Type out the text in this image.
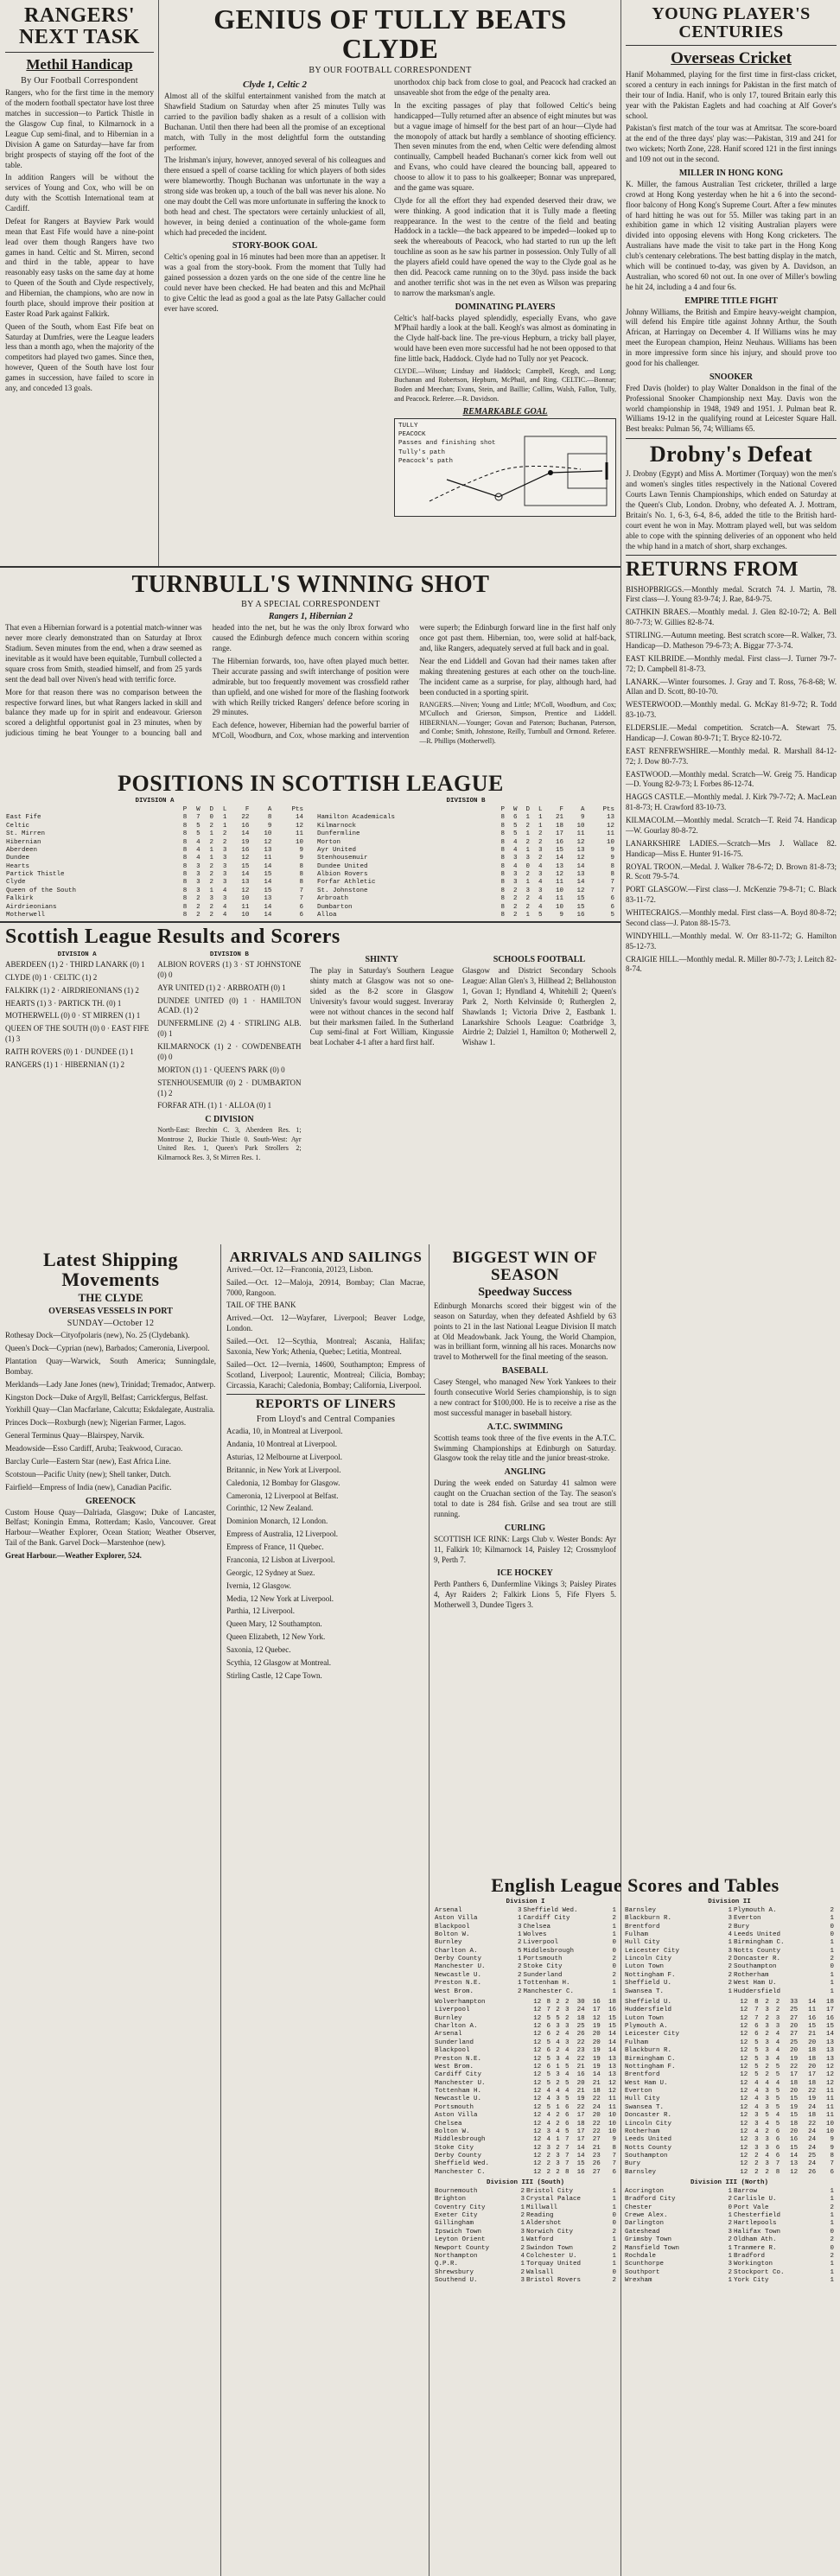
RANGERS' NEXT TASK
Methil Handicap
By Our Football Correspondent

Rangers, who for the first time in the memory of the modern football spectator have lost three matches in succession—to Partick Thistle in the Glasgow Cup final, to Kilmarnock in a League Cup semi-final, and to Hibernian in a Division A game on Saturday—have far from bright prospects of staying off the foot of the table.

In addition Rangers will be without the services of Young and Cox, who will be on duty with the Scottish International team at Cardiff.

Defeat for Rangers at Bayview Park would mean that East Fife would have a nine-point lead over them though Rangers have two games in hand. Celtic and St. Mirren, second and third in the table, appear to have reasonably easy tasks on the same day at home to Queen of the South and Clyde respectively, and Hibernian, the champions, who are now in fourth place, should improve their position at Easter Road Park against Falkirk.

Queen of the South, whom East Fife beat on Saturday at Dumfries, were the League leaders less than a month ago, when the majority of the competitors had played two games. Since then, however, Queen of the South have lost four games in succession, have failed to score in any, and conceded 13 goals.

GENIUS OF TULLY BEATS CLYDE
BY OUR FOOTBALL CORRESPONDENT
Clyde 1, Celtic 2

Almost all of the skilful entertainment vanished from the match at Shawfield Stadium on Saturday when after 25 minutes Tully was carried to the pavilion badly shaken as a result of a collision with Buchanan. Until then there had been all the promise of an exceptional match, with Tully in the most delightful form the outstanding performer.

The Irishman's injury, however, annoyed several of his colleagues and there ensued a spell of coarse tackling for which players of both sides were blameworthy. Though Buchanan was unfortunate in the way a strong side was broken up, a touch of the ball was never his alone. No one may doubt the Cell was more unfortunate in suffering the knock to both head and chest. The spectators were certainly unluckiest of all, however, in being denied a continuation of the whole-game form which had preceded the incident.

STORY-BOOK GOAL

Celtic's opening goal in 16 minutes had been more than an appetiser. It was a goal from the story-book. From the moment that Tully had gained possession a dozen yards on the one side of the centre line he could never have been checked. He had beaten and this and McPhail to give Celtic the lead as good a goal as the late Patsy Gallacher could ever have scored.

unorthodox chip back from close to goal, and Peacock had cracked an unsaveable shot from the edge of the penalty area.

In the exciting passages of play that followed Celtic's being handicapped—Tully returned after an absence of eight minutes but was but a vague image of himself for the best part of an hour—Clyde had the monopoly of attack but hardly a semblance of shooting efficiency. Then seven minutes from the end, when Celtic were defending almost continually, Campbell headed Buchanan's corner kick from well out and Evans, who could have cleared the bouncing ball, appeared to choose to allow it to pass to his goalkeeper; Bonnar was unprepared, and the game was square.

Clyde for all the effort they had expended deserved their draw, we were thinking. A good indication that it is Tully made a fleeting reappearance. In the west to the centre of the field and beating Haddock in a tackle—the back appeared to be impeded—looked up to seek the whereabouts of Peacock, who had started to run up the left touchline as soon as he saw his partner in possession. Only Tully of all the players afield could have opened the way to the Clyde goal as he then did. Peacock came running on to the 30yd. pass inside the back and another terrific shot was in the net even as Wilson was preparing to narrow the marksman's angle.

DOMINATING PLAYERS

Celtic's half-backs played splendidly, especially Evans, who gave M'Phail hardly a look at the ball. Keogh's was almost as dominating in the Clyde half-back line. The pre-vious Hepburn, a tricky ball player, would have been even more successful had he not been opposed to that fine little back, Haddock. Clyde had no Tully nor yet Peacock.

CLYDE.—Wilson; Lindsay and Haddock; Campbell, Keogh, and Long; Buchanan and Robertson, Hepburn, McPhail, and Ring. CELTIC.—Bonnar; Boden and Meechan; Evans, Stein, and Baillie; Collins, Walsh, Fallon, Tully, and Peacock. Referee.—R. Davidson.

REMARKABLE GOAL
TULLY
PEACOCK
Passes and finishing shot
Tully's path
Peacock's path
YOUNG PLAYER'S CENTURIES
Overseas Cricket

Hanif Mohammed, playing for the first time in first-class cricket, scored a century in each innings for Pakistan in the first match of their tour of India. Hanif, who is only 17, toured Britain early this year with the Pakistan Eaglets and had coaching at Alf Gover's school.

Pakistan's first match of the tour was at Amritsar. The score-board at the end of the three days' play was:—Pakistan, 319 and 241 for two wickets; North Zone, 228. Hanif scored 121 in the first innings and 109 not out in the second.

MILLER IN HONG KONG

K. Miller, the famous Australian Test cricketer, thrilled a large crowd at Hong Kong yesterday when he hit a 6 into the second-floor balcony of Hong Kong's Supreme Court. After a few minutes of hard hitting he was out for 55. Miller was taking part in an exhibition game in which 12 visiting Australian players were divided into opposing elevens with Hong Kong cricketers. The Australians have made the visit to take part in the Hong Kong club's centenary celebrations. The best batting display in the match, which will be continued to-day, was given by A. Davidson, an Australian, who scored 60 not out. In one over of Miller's bowling he hit 24, including a 4 and four 6s.

EMPIRE TITLE FIGHT

Johnny Williams, the British and Empire heavy-weight champion, will defend his Empire title against Johnny Arthur, the South African, at Harringay on December 4. If Williams wins he may meet the European champion, Heinz Neuhaus. Williams has been in more impressive form since his injury, and should prove too good for his challenger.

SNOOKER

Fred Davis (holder) to play Walter Donaldson in the final of the Professional Snooker Championship next May. Davis won the world championship in 1948, 1949 and 1951. J. Pulman beat R. Williams 19-12 in the qualifying round at Leicester Square Hall. Best breaks: Pulman 56, 74; Williams 65.

Drobny's Defeat

J. Drobny (Egypt) and Miss A. Mortimer (Torquay) won the men's and women's singles titles respectively in the National Covered Courts Lawn Tennis Championships, which ended on Saturday at the Queen's Club, London. Drobny, who defeated A. J. Mottram, Britain's No. 1, 6-3, 6-4, 8-6, added the title to the British hard-court event he won in May. Mottram played well, but was seldom able to cope with the spinning deliveries of an opponent who held the whip hand in a match of short, sharp exchanges.

RETURNS FROM

BISHOPBRIGGS.—Monthly medal. Scratch 74. J. Martin, 78. First class—J. Young 83-9-74; J. Rae, 84-9-75.

CATHKIN BRAES.—Monthly medal. J. Glen 82-10-72; A. Bell 80-7-73; W. Gillies 82-8-74.

STIRLING.—Autumn meeting. Best scratch score—R. Walker, 73. Handicap—D. Matheson 79-6-73; A. Biggar 77-3-74.

EAST KILBRIDE.—Monthly medal. First class—J. Turner 79-7-72; D. Campbell 81-8-73.

LANARK.—Winter foursomes. J. Gray and T. Ross, 76-8-68; W. Allan and D. Scott, 80-10-70.

WESTERWOOD.—Monthly medal. G. McKay 81-9-72; R. Todd 83-10-73.

ELDERSLIE.—Medal competition. Scratch—A. Stewart 75. Handicap—J. Cowan 80-9-71; T. Bryce 82-10-72.

EAST RENFREWSHIRE.—Monthly medal. R. Marshall 84-12-72; J. Dow 80-7-73.

EASTWOOD.—Monthly medal. Scratch—W. Greig 75. Handicap—D. Young 82-9-73; I. Forbes 86-12-74.

HAGGS CASTLE.—Monthly medal. J. Kirk 79-7-72; A. MacLean 81-8-73; H. Crawford 83-10-73.

KILMACOLM.—Monthly medal. Scratch—T. Reid 74. Handicap—W. Gourlay 80-8-72.

LANARKSHIRE LADIES.—Scratch—Mrs J. Wallace 82. Handicap—Miss E. Hunter 91-16-75.

ROYAL TROON.—Medal. J. Walker 78-6-72; D. Brown 81-8-73; R. Scott 79-5-74.

PORT GLASGOW.—First class—J. McKenzie 79-8-71; C. Black 83-11-72.

WHITECRAIGS.—Monthly medal. First class—A. Boyd 80-8-72; Second class—J. Paton 88-15-73.

WINDYHILL.—Monthly medal. W. Orr 83-11-72; G. Hamilton 85-12-73.

CRAIGIE HILL.—Monthly medal. R. Miller 80-7-73; J. Leitch 82-8-74.

TURNBULL'S WINNING SHOT
BY A SPECIAL CORRESPONDENT
Rangers 1, Hibernian 2

That even a Hibernian forward is a potential match-winner was never more clearly demonstrated than on Saturday at Ibrox Stadium. Seven minutes from the end, when a draw seemed as inevitable as it would have been equitable, Turnbull collected a square cross from Smith, steadied himself, and from 25 yards sent the dead ball over Niven's head with terrific force.

More for that reason there was no comparison between the respective forward lines, but what Rangers lacked in skill and balance they made up for in spirit and endeavour. Grierson scored a delightful opportunist goal in 23 minutes, when by judicious timing he beat Younger to a bouncing ball and headed into the net, but he was the only Ibrox forward who caused the Edinburgh defence much concern within scoring range.

The Hibernian forwards, too, have often played much better. Their accurate passing and swift interchange of position were admirable, but too frequently movement was crossfield rather than upfield, and one wished for more of the flashing footwork with which Reilly tricked Rangers' defence before scoring in 29 minutes.

Each defence, however, Hibernian had the powerful barrier of M'Coll, Woodburn, and Cox, whose marking and intervention were superb; the Edinburgh forward line in the first half only once got past them. Hibernian, too, were solid at half-back, and, like Rangers, adequately served at full back and in goal.

Near the end Liddell and Govan had their names taken after making threatening gestures at each other on the touch-line. The incident came as a surprise, for play, although hard, had been conducted in a sporting spirit.

RANGERS.—Niven; Young and Little; M'Coll, Woodburn, and Cox; M'Culloch and Grierson, Simpson, Prentice and Liddell. HIBERNIAN.—Younger; Govan and Paterson; Buchanan, Paterson, and Combe; Smith, Johnstone, Reilly, Turnbull and Ormond. Referee.—R. Phillips (Motherwell).

POSITIONS IN SCOTTISH LEAGUE
DIVISION A
	P	W	D	L	F	A	Pts
East Fife	8	7	0	1	22	8	14
Celtic	8	5	2	1	16	9	12
St. Mirren	8	5	1	2	14	10	11
Hibernian	8	4	2	2	19	12	10
Aberdeen	8	4	1	3	16	13	9
Dundee	8	4	1	3	12	11	9
Hearts	8	3	2	3	15	14	8
Partick Thistle	8	3	2	3	14	15	8
Clyde	8	3	2	3	13	14	8
Queen of the South	8	3	1	4	12	15	7
Falkirk	8	2	3	3	10	13	7
Airdrieonians	8	2	2	4	11	14	6
Motherwell	8	2	2	4	10	14	6

DIVISION B
	P	W	D	L	F	A	Pts
Hamilton Academicals	8	6	1	1	21	9	13
Kilmarnock	8	5	2	1	18	10	12
Dunfermline	8	5	1	2	17	11	11
Morton	8	4	2	2	16	12	10
Ayr United	8	4	1	3	15	13	9
Stenhousemuir	8	3	3	2	14	12	9
Dundee United	8	4	0	4	13	14	8
Albion Rovers	8	3	2	3	12	13	8
Forfar Athletic	8	3	1	4	11	14	7
St. Johnstone	8	2	3	3	10	12	7
Arbroath	8	2	2	4	11	15	6
Dumbarton	8	2	2	4	10	15	6
Alloa	8	2	1	5	9	16	5

Scottish League Results and Scorers
DIVISION A

ABERDEEN (1) 2 · THIRD LANARK (0) 1

CLYDE (0) 1 · CELTIC (1) 2

FALKIRK (1) 2 · AIRDRIEONIANS (1) 2

HEARTS (1) 3 · PARTICK TH. (0) 1

MOTHERWELL (0) 0 · ST MIRREN (1) 1

QUEEN OF THE SOUTH (0) 0 · EAST FIFE (1) 3

RAITH ROVERS (0) 1 · DUNDEE (1) 1

RANGERS (1) 1 · HIBERNIAN (1) 2

DIVISION B

ALBION ROVERS (1) 3 · ST JOHNSTONE (0) 0

AYR UNITED (1) 2 · ARBROATH (0) 1

DUNDEE UNITED (0) 1 · HAMILTON ACAD. (1) 2

DUNFERMLINE (2) 4 · STIRLING ALB. (0) 1

KILMARNOCK (1) 2 · COWDENBEATH (0) 0

MORTON (1) 1 · QUEEN'S PARK (0) 0

STENHOUSEMUIR (0) 2 · DUMBARTON (1) 2

FORFAR ATH. (1) 1 · ALLOA (0) 1

C DIVISION

North-East: Brechin C. 3, Aberdeen Res. 1; Montrose 2, Buckie Thistle 0. South-West: Ayr United Res. 1, Queen's Park Strollers 2; Kilmarnock Res. 3, St Mirren Res. 1.

SHINTY

The play in Saturday's Southern League shinty match at Glasgow was not so one-sided as the 8-2 score in Glasgow University's favour would suggest. Inveraray were not without chances in the second half but their marksmen failed. In the Sutherland Cup semi-final at Fort William, Kingussie beat Lochaber 4-1 after a hard first half.

SCHOOLS FOOTBALL

Glasgow and District Secondary Schools League: Allan Glen's 3, Hillhead 2; Bellahouston 1, Govan 1; Hyndland 4, Whitehill 2; Queen's Park 2, North Kelvinside 0; Rutherglen 2, Shawlands 1; Victoria Drive 2, Eastbank 1. Lanarkshire Schools League: Coatbridge 3, Airdrie 2; Dalziel 1, Hamilton 0; Motherwell 2, Wishaw 1.

Latest Shipping Movements
THE CLYDE
OVERSEAS VESSELS IN PORT
SUNDAY—October 12

Rothesay Dock—Cityofpolaris (new), No. 25 (Clydebank).

Queen's Dock—Cyprian (new), Barbados; Cameronia, Liverpool.

Plantation Quay—Warwick, South America; Sunningdale, Bombay.

Merklands—Lady Jane Jones (new), Trinidad; Tremadoc, Antwerp.

Kingston Dock—Duke of Argyll, Belfast; Carrickfergus, Belfast.

Yorkhill Quay—Clan Macfarlane, Calcutta; Eskdalegate, Australia.

Princes Dock—Roxburgh (new); Nigerian Farmer, Lagos.

General Terminus Quay—Blairspey, Narvik.

Meadowside—Esso Cardiff, Aruba; Teakwood, Curacao.

Barclay Curle—Eastern Star (new), East Africa Line.

Scotstoun—Pacific Unity (new); Shell tanker, Dutch.

Fairfield—Empress of India (new), Canadian Pacific.

GREENOCK

Custom House Quay—Dalriada, Glasgow; Duke of Lancaster, Belfast; Koningin Emma, Rotterdam; Kaslo, Vancouver. Great Harbour—Weather Explorer, Ocean Station; Weather Observer, Tail of the Bank. Garvel Dock—Marstenhoe (new).

Great Harbour.—Weather Explorer, 524.

ARRIVALS AND SAILINGS

Arrived.—Oct. 12—Franconia, 20123, Lisbon.

Sailed.—Oct. 12—Maloja, 20914, Bombay; Clan Macrae, 7000, Rangoon.

TAIL OF THE BANK

Arrived.—Oct. 12—Wayfarer, Liverpool; Beaver Lodge, London.

Sailed.—Oct. 12—Scythia, Montreal; Ascania, Halifax; Saxonia, New York; Athenia, Quebec; Letitia, Montreal.

Sailed—Oct. 12—Ivernia, 14600, Southampton; Empress of Scotland, Liverpool; Laurentic, Montreal; Cilicia, Bombay; Circassia, Karachi; Caledonia, Bombay; California, Liverpool.

REPORTS OF LINERS
From Lloyd's and Central Companies

Acadia, 10, in Montreal at Liverpool.

Andania, 10 Montreal at Liverpool.

Asturias, 12 Melbourne at Liverpool.

Britannic, in New York at Liverpool.

Caledonia, 12 Bombay for Glasgow.

Cameronia, 12 Liverpool at Belfast.

Corinthic, 12 New Zealand.

Dominion Monarch, 12 London.

Empress of Australia, 12 Liverpool.

Empress of France, 11 Quebec.

Franconia, 12 Lisbon at Liverpool.

Georgic, 12 Sydney at Suez.

Ivernia, 12 Glasgow.

Media, 12 New York at Liverpool.

Parthia, 12 Liverpool.

Queen Mary, 12 Southampton.

Queen Elizabeth, 12 New York.

Saxonia, 12 Quebec.

Scythia, 12 Glasgow at Montreal.

Stirling Castle, 12 Cape Town.

BIGGEST WIN OF SEASON
Speedway Success

Edinburgh Monarchs scored their biggest win of the season on Saturday, when they defeated Ashfield by 63 points to 21 in the last National League Division II match at Old Meadowbank. Jack Young, the World Champion, was in brilliant form, winning all his races. Monarchs now travel to Motherwell for the final meeting of the season.

BASEBALL

Casey Stengel, who managed New York Yankees to their fourth consecutive World Series championship, is to sign a new contract for $100,000. He is to receive a rise as the most successful manager in baseball history.

A.T.C. SWIMMING

Scottish teams took three of the five events in the A.T.C. Swimming Championships at Edinburgh on Saturday. Glasgow took the relay title and the junior breast-stroke.

ANGLING

During the week ended on Saturday 41 salmon were caught on the Cruachan section of the Tay. The season's total to date is 284 fish. Grilse and sea trout are still running.

CURLING

SCOTTISH ICE RINK: Largs Club v. Wester Bonds: Ayr 11, Falkirk 10; Kilmarnock 14, Paisley 12; Crossmyloof 9, Perth 7.

ICE HOCKEY

Perth Panthers 6, Dunfermline Vikings 3; Paisley Pirates 4, Ayr Raiders 2; Falkirk Lions 5, Fife Flyers 5. Motherwell 3, Dundee Tigers 3.

English League Scores and Tables
Division I
Arsenal	3	Sheffield Wed.	1
Aston Villa	1	Cardiff City	2
Blackpool	3	Chelsea	1
Bolton W.	1	Wolves	1
Burnley	2	Liverpool	0
Charlton A.	5	Middlesbrough	0
Derby County	1	Portsmouth	2
Manchester U.	2	Stoke City	0
Newcastle U.	2	Sunderland	2
Preston N.E.	1	Tottenham H.	1
West Brom.	2	Manchester C.	1
Wolverhampton	12	8	2	2	30	16	18
Liverpool	12	7	2	3	24	17	16
Burnley	12	5	5	2	18	12	15
Charlton A.	12	6	3	3	25	19	15
Arsenal	12	6	2	4	26	20	14
Sunderland	12	5	4	3	22	20	14
Blackpool	12	6	2	4	23	19	14
Preston N.E.	12	5	3	4	22	19	13
West Brom.	12	6	1	5	21	19	13
Cardiff City	12	5	3	4	16	14	13
Manchester U.	12	5	2	5	20	21	12
Tottenham H.	12	4	4	4	21	18	12
Newcastle U.	12	4	3	5	19	22	11
Portsmouth	12	5	1	6	22	24	11
Aston Villa	12	4	2	6	17	20	10
Chelsea	12	4	2	6	18	22	10
Bolton W.	12	3	4	5	17	22	10
Middlesbrough	12	4	1	7	17	27	9
Stoke City	12	3	2	7	14	21	8
Derby County	12	2	3	7	14	23	7
Sheffield Wed.	12	2	3	7	15	26	7
Manchester C.	12	2	2	8	16	27	6
Division III (South)
Bournemouth	2	Bristol City	1
Brighton	3	Crystal Palace	1
Coventry City	1	Millwall	1
Exeter City	2	Reading	0
Gillingham	1	Aldershot	0
Ipswich Town	3	Norwich City	2
Leyton Orient	1	Watford	1
Newport County	2	Swindon Town	2
Northampton	4	Colchester U.	1
Q.P.R.	1	Torquay United	1
Shrewsbury	2	Walsall	0
Southend U.	3	Bristol Rovers	2
Division II
Barnsley	1	Plymouth A.	2
Blackburn R.	3	Everton	1
Brentford	2	Bury	0
Fulham	4	Leeds United	0
Hull City	1	Birmingham C.	1
Leicester City	3	Notts County	1
Lincoln City	2	Doncaster R.	2
Luton Town	2	Southampton	0
Nottingham F.	2	Rotherham	1
Sheffield U.	2	West Ham U.	1
Swansea T.	1	Huddersfield	1
Sheffield U.	12	8	2	2	33	14	18
Huddersfield	12	7	3	2	25	11	17
Luton Town	12	7	2	3	27	16	16
Plymouth A.	12	6	3	3	20	15	15
Leicester City	12	6	2	4	27	21	14
Fulham	12	5	3	4	25	20	13
Blackburn R.	12	5	3	4	20	18	13
Birmingham C.	12	5	3	4	19	18	13
Nottingham F.	12	5	2	5	22	20	12
Brentford	12	5	2	5	17	17	12
West Ham U.	12	4	4	4	18	18	12
Everton	12	4	3	5	20	22	11
Hull City	12	4	3	5	15	19	11
Swansea T.	12	4	3	5	19	24	11
Doncaster R.	12	3	5	4	15	18	11
Lincoln City	12	3	4	5	18	22	10
Rotherham	12	4	2	6	20	24	10
Leeds United	12	3	3	6	16	24	9
Notts County	12	3	3	6	15	24	9
Southampton	12	2	4	6	14	25	8
Bury	12	2	3	7	13	24	7
Barnsley	12	2	2	8	12	26	6
Division III (North)
Accrington	1	Barrow	1
Bradford City	2	Carlisle U.	1
Chester	0	Port Vale	2
Crewe Alex.	1	Chesterfield	1
Darlington	2	Hartlepools	1
Gateshead	3	Halifax Town	0
Grimsby Town	2	Oldham Ath.	2
Mansfield Town	1	Tranmere R.	0
Rochdale	1	Bradford	2
Scunthorpe	3	Workington	1
Southport	2	Stockport Co.	1
Wrexham	1	York City	1
